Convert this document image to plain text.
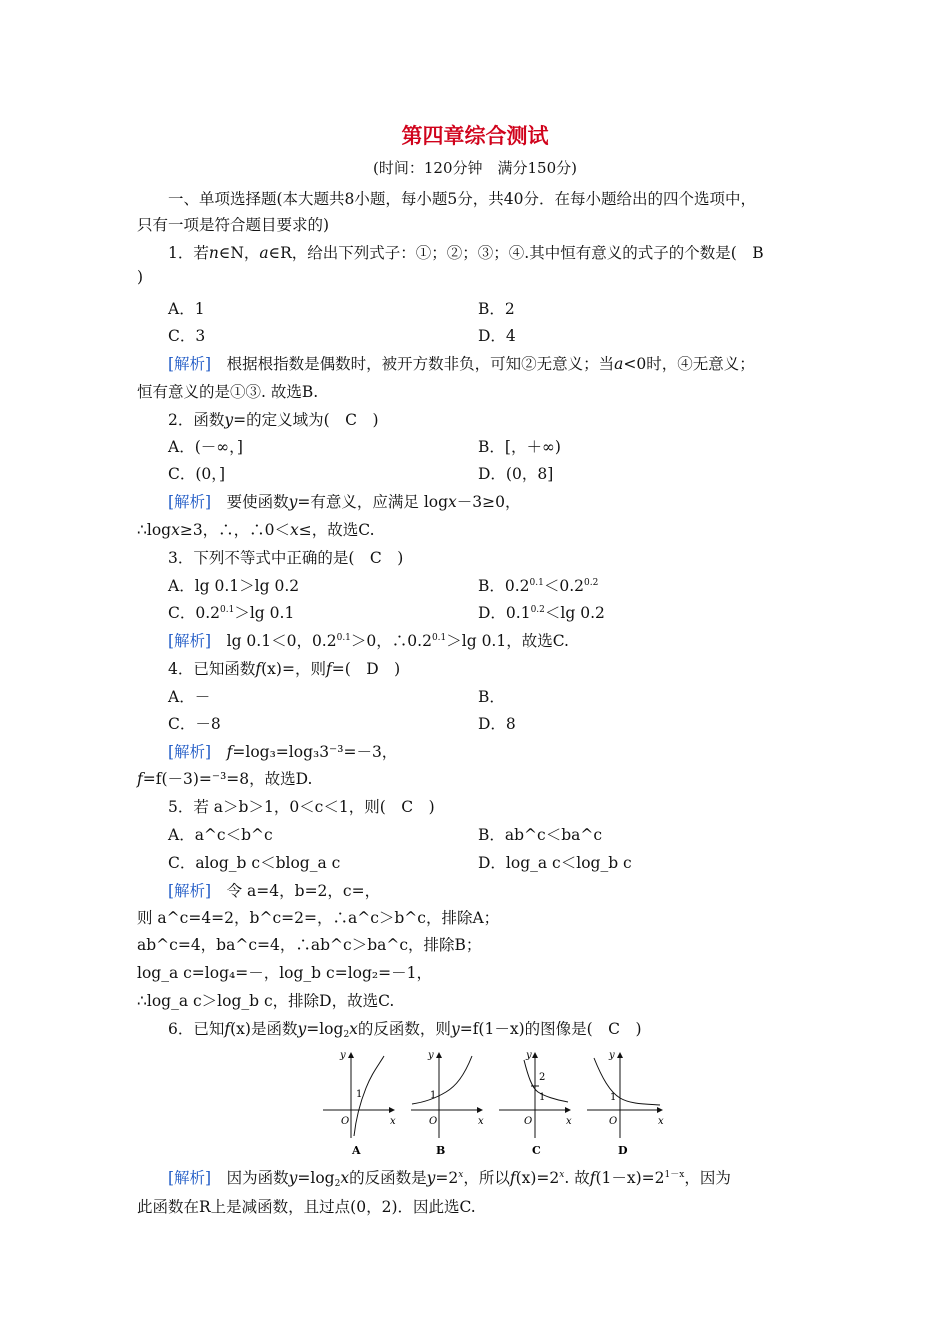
第四章综合测试
(时间：120分钟　满分150分)
一、单项选择题(本大题共8小题，每小题5分，共40分．在每小题给出的四个选项中，
只有一项是符合题目要求的)
1．若n∈N，a∈R，给出下列式子：①；②；③；④.其中恒有意义的式子的个数是(　B
)
A．1	B．2
C．3	D．4
[解析]　 根据根指数是偶数时，被开方数非负，可知②无意义；当a<0时，④无意义；
恒有意义的是①③. 故选B.
2．函数y=的定义域为(　C　)
A．(－∞，]	B．[，＋∞)
C．(0，]	D．(0，8]
[解析]　 要使函数y=有意义，应满足 logx－3≥0，
∴logx≥3，∴，∴0＜x≤，故选C.
3．下列不等式中正确的是(　C　)
A．lg 0.1＞lg 0.2	B．$0.2^{0.1}<0.2^{0.2}$
C．$0.2^{0.1}>\lg$ 0.1	D．$0.1^{0.2}<\lg$ 0.2
[解析]　 lg 0.1＜0，$0.2^{0.1}>0$，$\therefore 0.2^{0.1}>\lg$ 0.1，故选C.
4．已知函数f(x)=，则f=(　D　)
A．－	B．
C．－8	D．8
[解析]　 f=log₃=log₃3⁻³=－3，
f=f(－3)=⁻³=8，故选D.
5．若 a＞b＞1，0＜c＜1，则(　C　)
A．a^c＜b^c	B．ab^c＜ba^c
C．alog_b c＜blog_a c	D．log_a c＜log_b c
[解析]　 令 a=4，b=2，c=，
则 a^c=4=2，b^c=2=，∴a^c＞b^c，排除A；
ab^c=4，ba^c=4，∴ab^c＞ba^c，排除B；
log_a c=log₄=－，log_b c=log₂=－1，
∴log_a c＞log_b c，排除D，故选C.
6．已知f(x)是函数$y=\log_2x$的反函数，则y=f(1－x)的图像是(　C　)
y
x
O
1
A
y
x
O
1
B
y
x
O
2
1
C
y
x
O
1
D
[解析]　 因为函数$y=\log_2x$的反函数是$y=2^x$，所以$f(x)=2^x$. 故$f(1-x)=2^{1-x}$，因为
此函数在R上是减函数，且过点(0，2)．因此选C.
